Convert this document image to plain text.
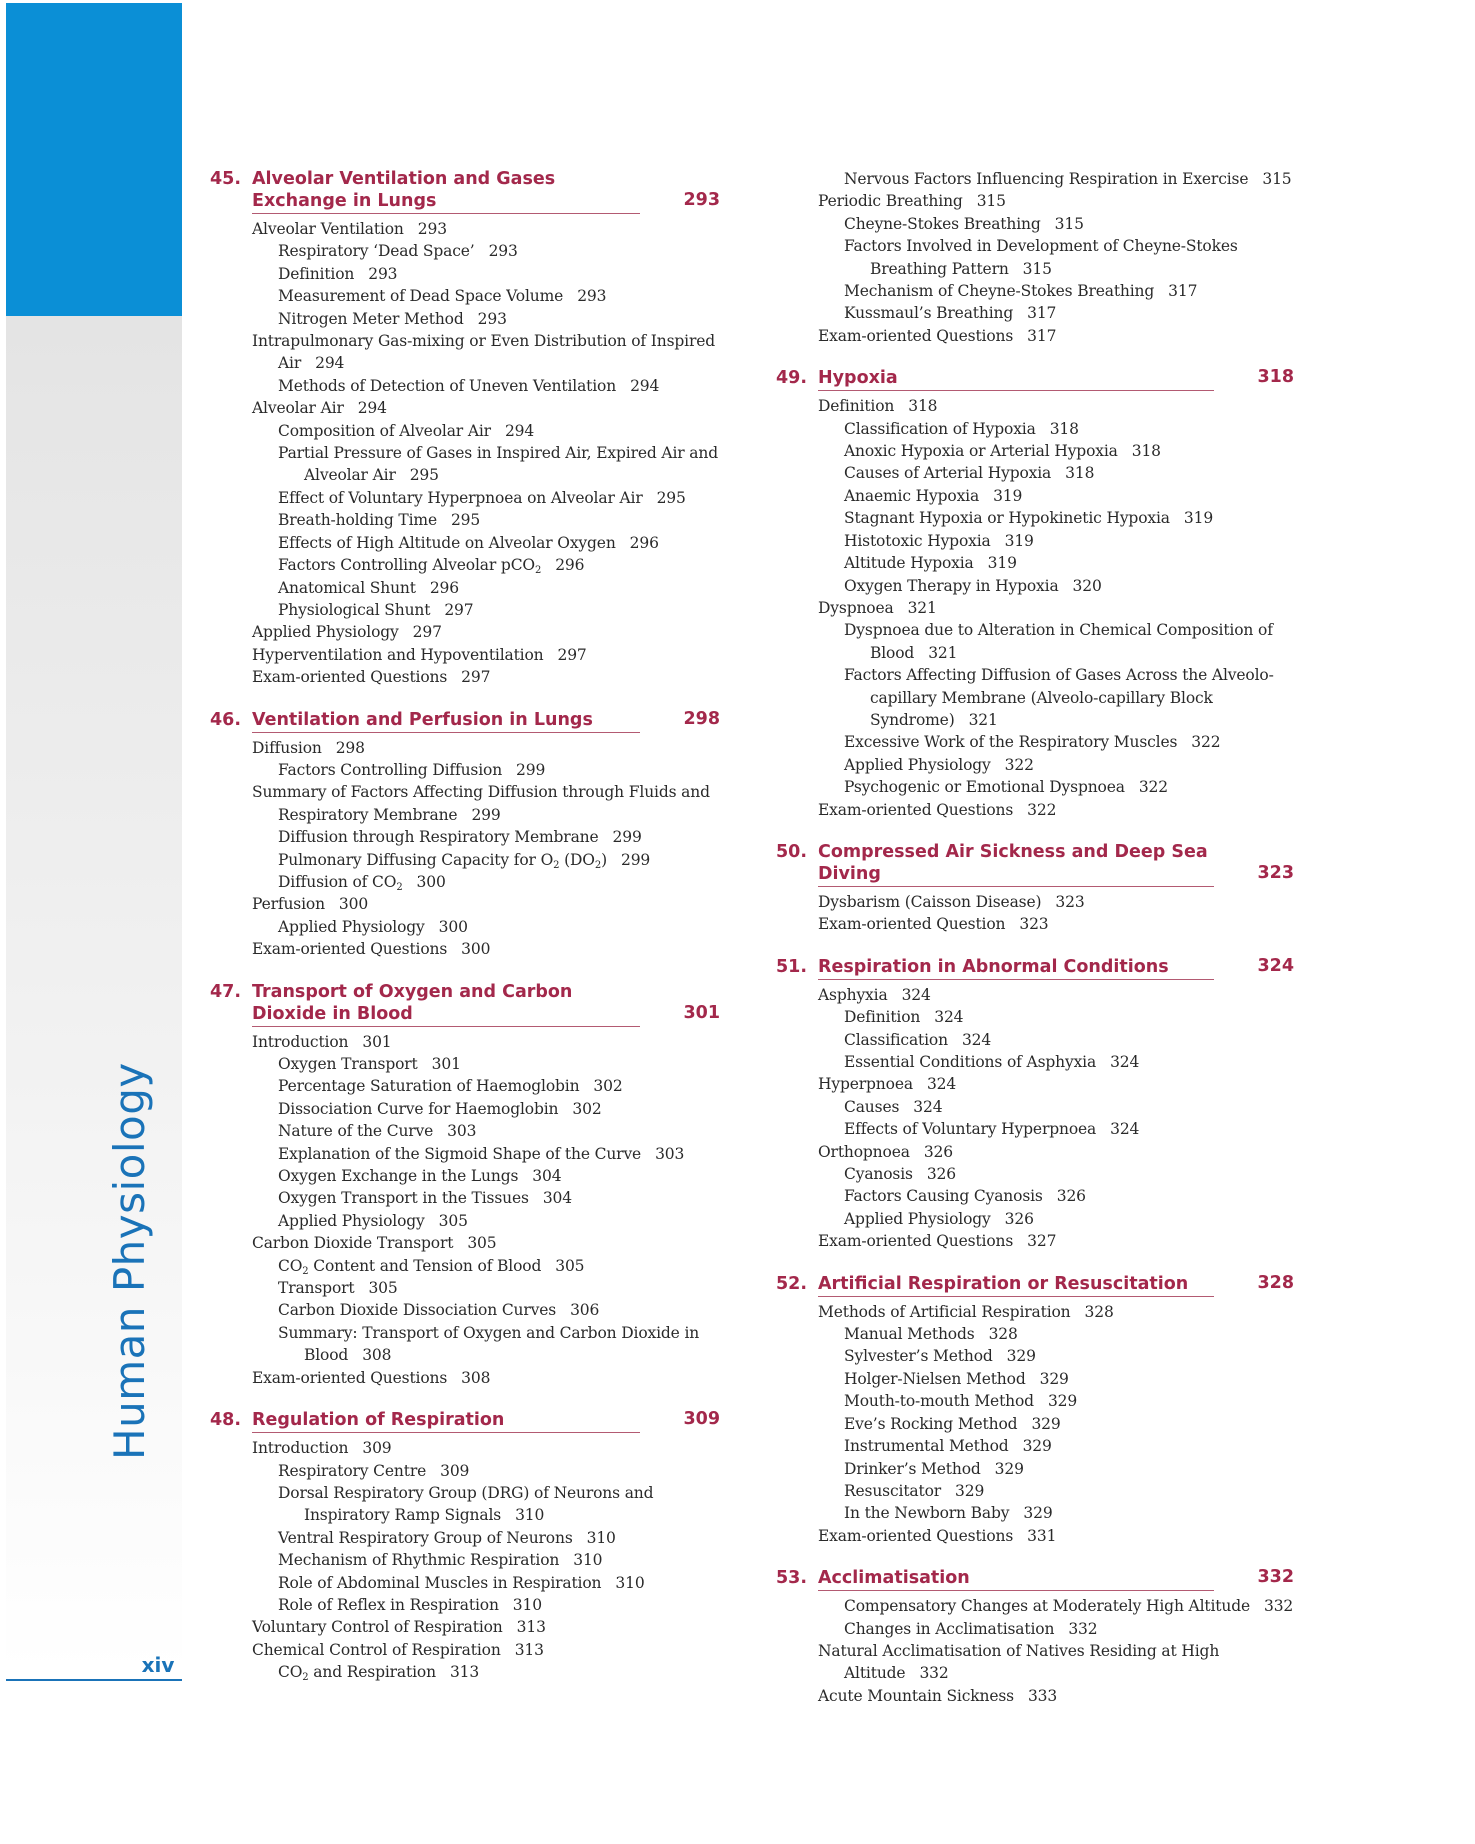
Human Physiology
xiv
45. Alveolar Ventilation and Gases Exchange in Lungs	293
Alveolar Ventilation 293
Respiratory ‘Dead Space’ 293
Definition 293
Measurement of Dead Space Volume 293
Nitrogen Meter Method 293
Intrapulmonary Gas-mixing or Even Distribution of Inspired Air 294
Methods of Detection of Uneven Ventilation 294
Alveolar Air 294
Composition of Alveolar Air 294
Partial Pressure of Gases in Inspired Air, Expired Air and Alveolar Air 295
Effect of Voluntary Hyperpnoea on Alveolar Air 295
Breath-holding Time 295
Effects of High Altitude on Alveolar Oxygen 296
Factors Controlling Alveolar pCO$_2$ 296
Anatomical Shunt 296
Physiological Shunt 297
Applied Physiology 297
Hyperventilation and Hypoventilation 297
Exam-oriented Questions 297
46. Ventilation and Perfusion in Lungs	298
Diffusion 298
Factors Controlling Diffusion 299
Summary of Factors Affecting Diffusion through Fluids and Respiratory Membrane 299
Diffusion through Respiratory Membrane 299
Pulmonary Diffusing Capacity for $O_2$ $(DO_2)$ 299
Diffusion of $CO_2$ 300
Perfusion 300
Applied Physiology 300
Exam-oriented Questions 300
47. Transport of Oxygen and Carbon Dioxide in Blood	301
Introduction 301
Oxygen Transport 301
Percentage Saturation of Haemoglobin 302
Dissociation Curve for Haemoglobin 302
Nature of the Curve 303
Explanation of the Sigmoid Shape of the Curve 303
Oxygen Exchange in the Lungs 304
Oxygen Transport in the Tissues 304
Applied Physiology 305
Carbon Dioxide Transport 305
$CO_2$ Content and Tension of Blood 305
Transport 305
Carbon Dioxide Dissociation Curves 306
Summary: Transport of Oxygen and Carbon Dioxide in Blood 308
Exam-oriented Questions 308
48. Regulation of Respiration	309
Introduction 309
Respiratory Centre 309
Dorsal Respiratory Group (DRG) of Neurons and Inspiratory Ramp Signals 310
Ventral Respiratory Group of Neurons 310
Mechanism of Rhythmic Respiration 310
Role of Abdominal Muscles in Respiration 310
Role of Reflex in Respiration 310
Voluntary Control of Respiration 313
Chemical Control of Respiration 313
$CO_2$ and Respiration 313
Nervous Factors Influencing Respiration in Exercise 315
Periodic Breathing 315
Cheyne-Stokes Breathing 315
Factors Involved in Development of Cheyne-Stokes Breathing Pattern 315
Mechanism of Cheyne-Stokes Breathing 317
Kussmaul’s Breathing 317
Exam-oriented Questions 317
49. Hypoxia	318
Definition 318
Classification of Hypoxia 318
Anoxic Hypoxia or Arterial Hypoxia 318
Causes of Arterial Hypoxia 318
Anaemic Hypoxia 319
Stagnant Hypoxia or Hypokinetic Hypoxia 319
Histotoxic Hypoxia 319
Altitude Hypoxia 319
Oxygen Therapy in Hypoxia 320
Dyspnoea 321
Dyspnoea due to Alteration in Chemical Composition of Blood 321
Factors Affecting Diffusion of Gases Across the Alveolo-capillary Membrane (Alveolo-capillary Block Syndrome) 321
Excessive Work of the Respiratory Muscles 322
Applied Physiology 322
Psychogenic or Emotional Dyspnoea 322
Exam-oriented Questions 322
50. Compressed Air Sickness and Deep Sea Diving	323
Dysbarism (Caisson Disease) 323
Exam-oriented Question 323
51. Respiration in Abnormal Conditions	324
Asphyxia 324
Definition 324
Classification 324
Essential Conditions of Asphyxia 324
Hyperpnoea 324
Causes 324
Effects of Voluntary Hyperpnoea 324
Orthopnoea 326
Cyanosis 326
Factors Causing Cyanosis 326
Applied Physiology 326
Exam-oriented Questions 327
52. Artificial Respiration or Resuscitation	328
Methods of Artificial Respiration 328
Manual Methods 328
Sylvester’s Method 329
Holger-Nielsen Method 329
Mouth-to-mouth Method 329
Eve’s Rocking Method 329
Instrumental Method 329
Drinker’s Method 329
Resuscitator 329
In the Newborn Baby 329
Exam-oriented Questions 331
53. Acclimatisation	332
Compensatory Changes at Moderately High Altitude 332
Changes in Acclimatisation 332
Natural Acclimatisation of Natives Residing at High Altitude 332
Acute Mountain Sickness 333
